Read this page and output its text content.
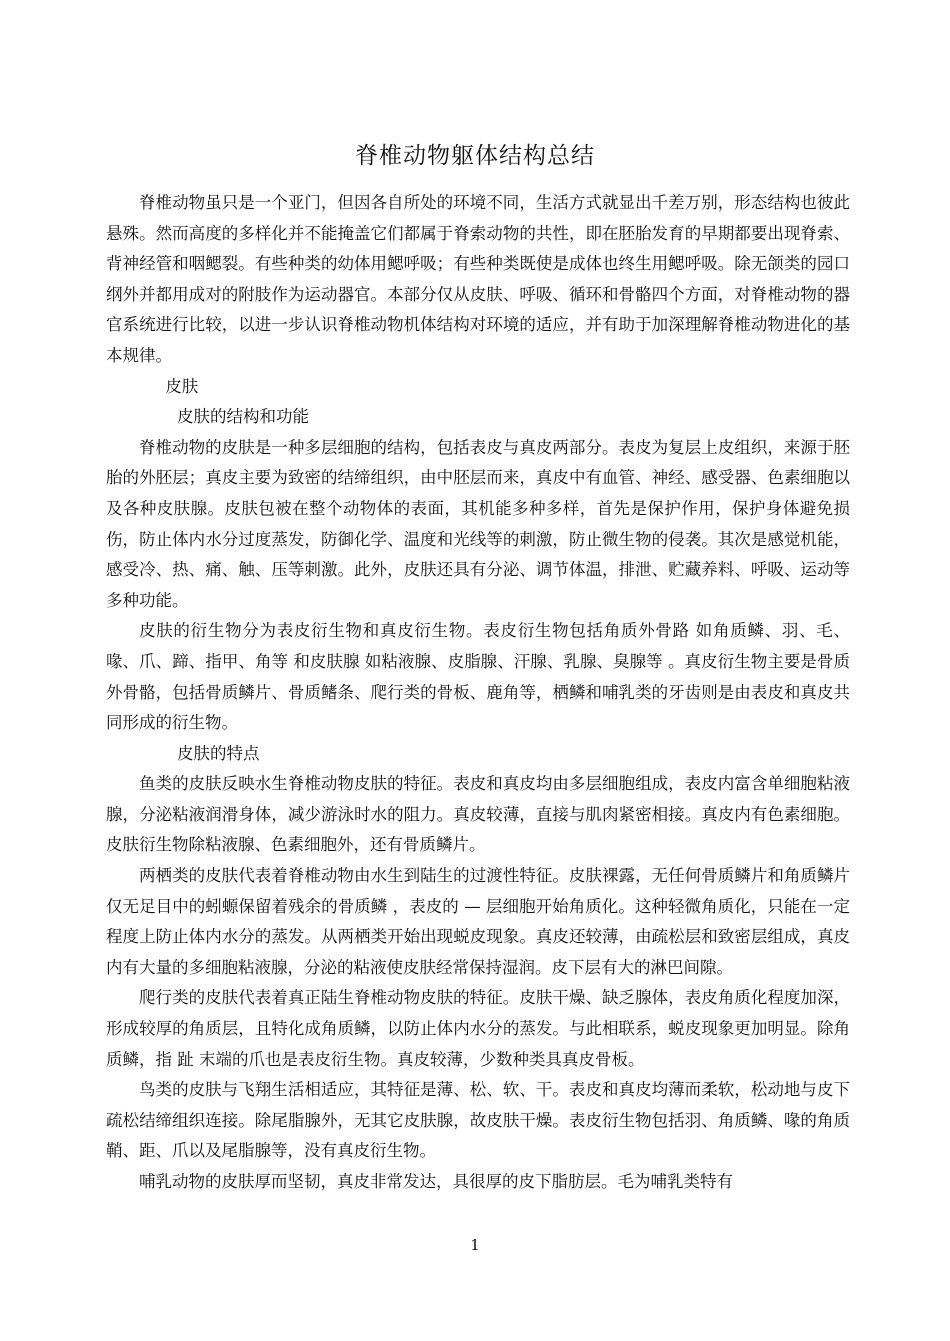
脊椎动物躯体结构总结

脊椎动物虽只是一个亚门，但因各自所处的环境不同，生活方式就显出千差万别，形态结构也彼此悬殊。然而高度的多样化并不能掩盖它们都属于脊索动物的共性，即在胚胎发育的早期都要出现脊索、背神经管和咽鳃裂。有些种类的幼体用鳃呼吸；有些种类既使是成体也终生用鳃呼吸。除无颌类的园口纲外并都用成对的附肢作为运动器官。本部分仅从皮肤、呼吸、循环和骨骼四个方面，对脊椎动物的器官系统进行比较，以进一步认识脊椎动物机体结构对环境的适应，并有助于加深理解脊椎动物进化的基本规律。

皮肤

皮肤的结构和功能

脊椎动物的皮肤是一种多层细胞的结构，包括表皮与真皮两部分。表皮为复层上皮组织，来源于胚胎的外胚层；真皮主要为致密的结缔组织，由中胚层而来，真皮中有血管、神经、感受器、色素细胞以及各种皮肤腺。皮肤包被在整个动物体的表面，其机能多种多样，首先是保护作用，保护身体避免损伤，防止体内水分过度蒸发，防御化学、温度和光线等的刺激，防止微生物的侵袭。其次是感觉机能，感受冷、热、痛、触、压等刺激。此外，皮肤还具有分泌、调节体温，排泄、贮藏养料、呼吸、运动等多种功能。

皮肤的衍生物分为表皮衍生物和真皮衍生物。表皮衍生物包括角质外骨路 如角质鳞、羽、毛、喙、爪、蹄、指甲、角等 和皮肤腺 如粘液腺、皮脂腺、汗腺、乳腺、臭腺等 。真皮衍生物主要是骨质外骨骼，包括骨质鳞片、骨质鳍条、爬行类的骨板、鹿角等，栖鳞和哺乳类的牙齿则是由表皮和真皮共同形成的衍生物。

皮肤的特点

鱼类的皮肤反映水生脊椎动物皮肤的特征。表皮和真皮均由多层细胞组成，表皮内富含单细胞粘液腺，分泌粘液润滑身体，减少游泳时水的阻力。真皮较薄，直接与肌肉紧密相接。真皮内有色素细胞。皮肤衍生物除粘液腺、色素细胞外，还有骨质鳞片。

两栖类的皮肤代表着脊椎动物由水生到陆生的过渡性特征。皮肤裸露，无任何骨质鳞片和角质鳞片 仅无足目中的蚓螈保留着残余的骨质鳞 ，表皮的 — 层细胞开始角质化。这种轻微角质化，只能在一定程度上防止体内水分的蒸发。从两栖类开始出现蜕皮现象。真皮还较薄，由疏松层和致密层组成，真皮内有大量的多细胞粘液腺，分泌的粘液使皮肤经常保持湿润。皮下层有大的淋巴间隙。

爬行类的皮肤代表着真正陆生脊椎动物皮肤的特征。皮肤干燥、缺乏腺体，表皮角质化程度加深，形成较厚的角质层，且特化成角质鳞，以防止体内水分的蒸发。与此相联系，蜕皮现象更加明显。除角质鳞，指 趾 末端的爪也是表皮衍生物。真皮较薄，少数种类具真皮骨板。

鸟类的皮肤与飞翔生活相适应，其特征是薄、松、软、干。表皮和真皮均薄而柔软，松动地与皮下疏松结缔组织连接。除尾脂腺外，无其它皮肤腺，故皮肤干燥。表皮衍生物包括羽、角质鳞、喙的角质鞘、距、爪以及尾脂腺等，没有真皮衍生物。

哺乳动物的皮肤厚而坚韧，真皮非常发达，具很厚的皮下脂肪层。毛为哺乳类特有

1
